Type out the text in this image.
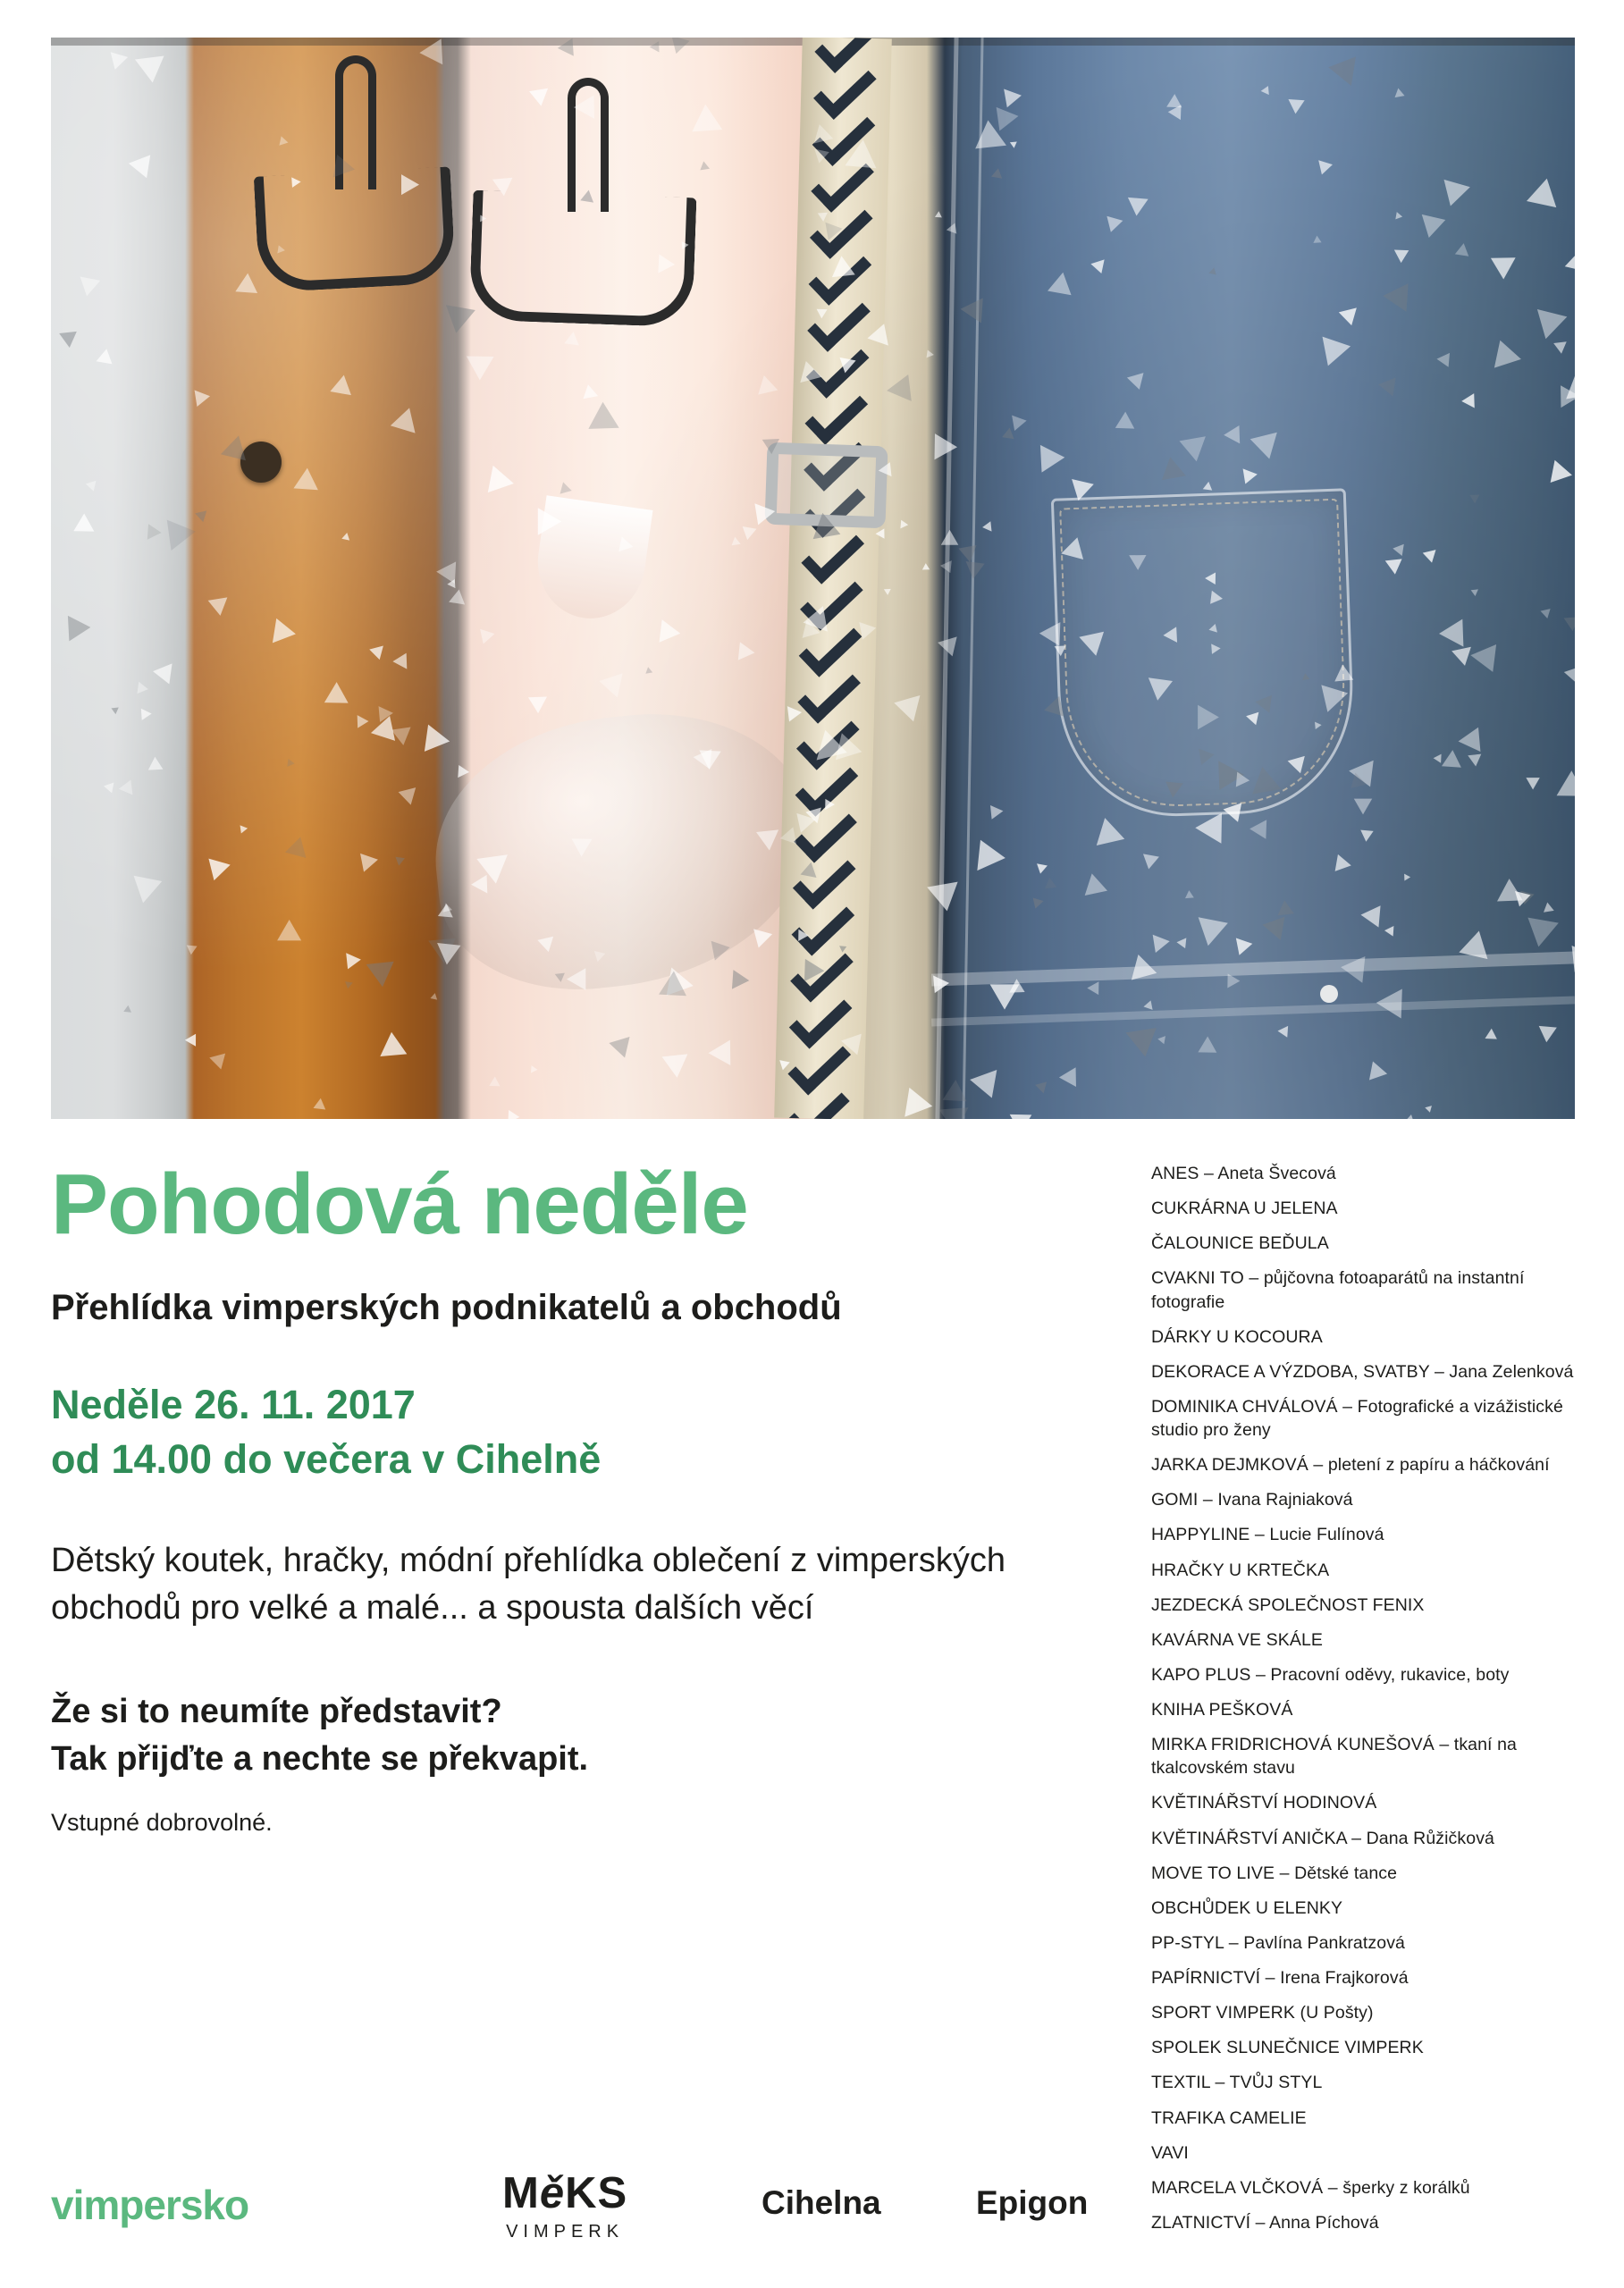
Pohodová neděle

Přehlídka vimperských podnikatelů a obchodů

Neděle 26. 11. 2017
od 14.00 do večera v Cihelně

Dětský koutek, hračky, módní přehlídka oblečení z vimperských obchodů pro velké a malé... a spousta dalších věcí

Že si to neumíte představit?
Tak přijďte a nechte se překvapit.

Vstupné dobrovolné.

ANES – Aneta Švecová
CUKRÁRNA U JELENA
ČALOUNICE BEĎULA
CVAKNI TO – půjčovna fotoaparátů na instantní fotografie
DÁRKY U KOCOURA
DEKORACE A VÝZDOBA, SVATBY – Jana Zelenková
DOMINIKA CHVÁLOVÁ – Fotografické a vizážistické studio pro ženy
JARKA DEJMKOVÁ – pletení z papíru a háčkování
GOMI – Ivana Rajniaková
HAPPYLINE – Lucie Fulínová
HRAČKY U KRTEČKA
JEZDECKÁ SPOLEČNOST FENIX
KAVÁRNA VE SKÁLE
KAPO PLUS – Pracovní oděvy, rukavice, boty
KNIHA PEŠKOVÁ
MIRKA FRIDRICHOVÁ KUNEŠOVÁ – tkaní na tkalcovském stavu
KVĚTINÁŘSTVÍ HODINOVÁ
KVĚTINÁŘSTVÍ ANIČKA – Dana Růžičková
MOVE TO LIVE – Dětské tance
OBCHŮDEK U ELENKY
PP-STYL – Pavlína Pankratzová
PAPÍRNICTVÍ – Irena Frajkorová
SPORT VIMPERK (U Pošty)
SPOLEK SLUNEČNICE VIMPERK
TEXTIL – TVŮJ STYL
TRAFIKA CAMELIE
VAVI
MARCELA VLČKOVÁ – šperky z korálků
ZLATNICTVÍ – Anna Píchová
vimpersko	MěKS
VIMPERK
Cihelna	Epigon
